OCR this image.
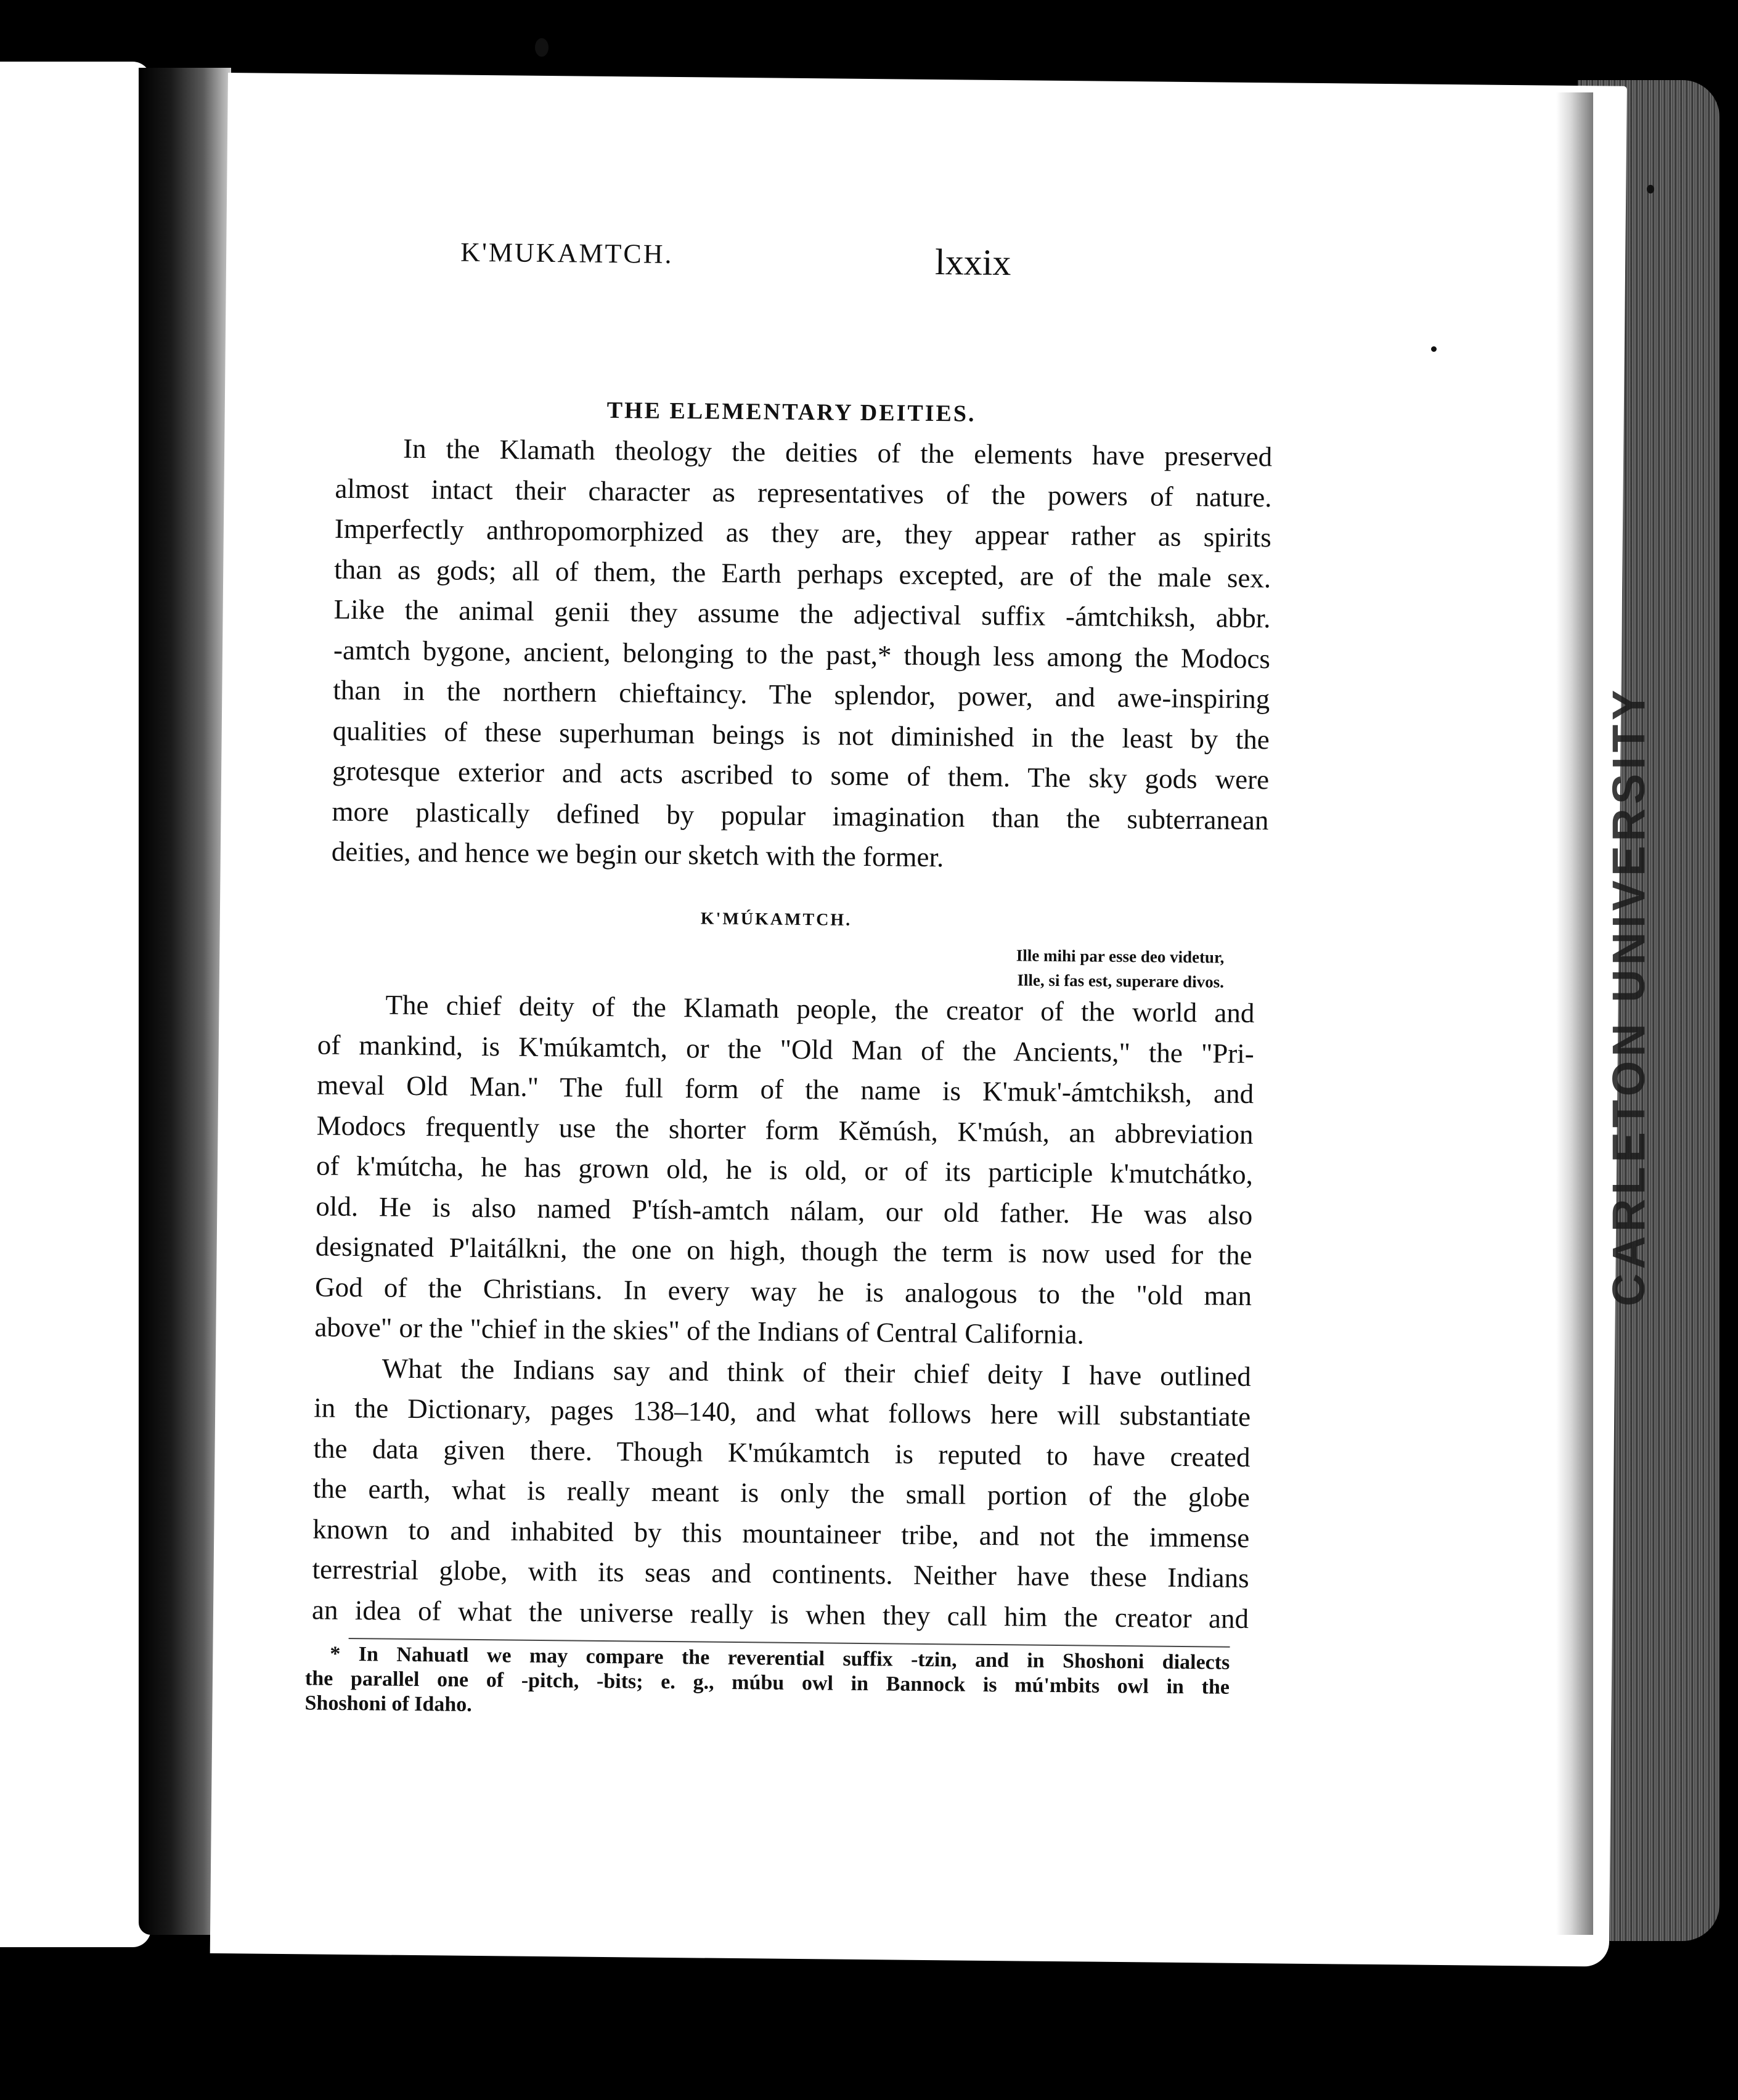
K'MUKAMTCH.	lxxix
THE ELEMENTARY DEITIES.
In the Klamath theology the deities of the elements have preserved
almost intact their character as representatives of the powers of nature.
Imperfectly anthropomorphized as they are, they appear rather as spirits
than as gods; all of them, the Earth perhaps excepted, are of the male sex.
Like the animal genii they assume the adjectival suffix -ámtchiksh, abbr.
-amtch bygone, ancient, belonging to the past,* though less among the Modocs
than in the northern chieftaincy. The splendor, power, and awe-inspiring
qualities of these superhuman beings is not diminished in the least by the
grotesque exterior and acts ascribed to some of them. The sky gods were
more plastically defined by popular imagination than the subterranean
deities, and hence we begin our sketch with the former.
K'MÚKAMTCH.
Ille mihi par esse deo videtur,
Ille, si fas est, superare divos.
The chief deity of the Klamath people, the creator of the world and
of mankind, is K'múkamtch, or the "Old Man of the Ancients," the "Pri-
meval Old Man." The full form of the name is K'muk'-ámtchiksh, and
Modocs frequently use the shorter form Kĕmúsh, K'músh, an abbreviation
of k'mútcha, he has grown old, he is old, or of its participle k'mutchátko,
old. He is also named P'tísh-amtch nálam, our old father. He was also
designated P'laitálkni, the one on high, though the term is now used for the
God of the Christians. In every way he is analogous to the "old man
above" or the "chief in the skies" of the Indians of Central California.
What the Indians say and think of their chief deity I have outlined
in the Dictionary, pages 138–140, and what follows here will substantiate
the data given there. Though K'múkamtch is reputed to have created
the earth, what is really meant is only the small portion of the globe
known to and inhabited by this mountaineer tribe, and not the immense
terrestrial globe, with its seas and continents. Neither have these Indians
an idea of what the universe really is when they call him the creator and
* In Nahuatl we may compare the reverential suffix -tzin, and in Shoshoni dialects
the parallel one of -pitch, -bits; e. g., múbu owl in Bannock is mú'mbits owl in the
Shoshoni of Idaho.
CARLETON UNIVERSITY
